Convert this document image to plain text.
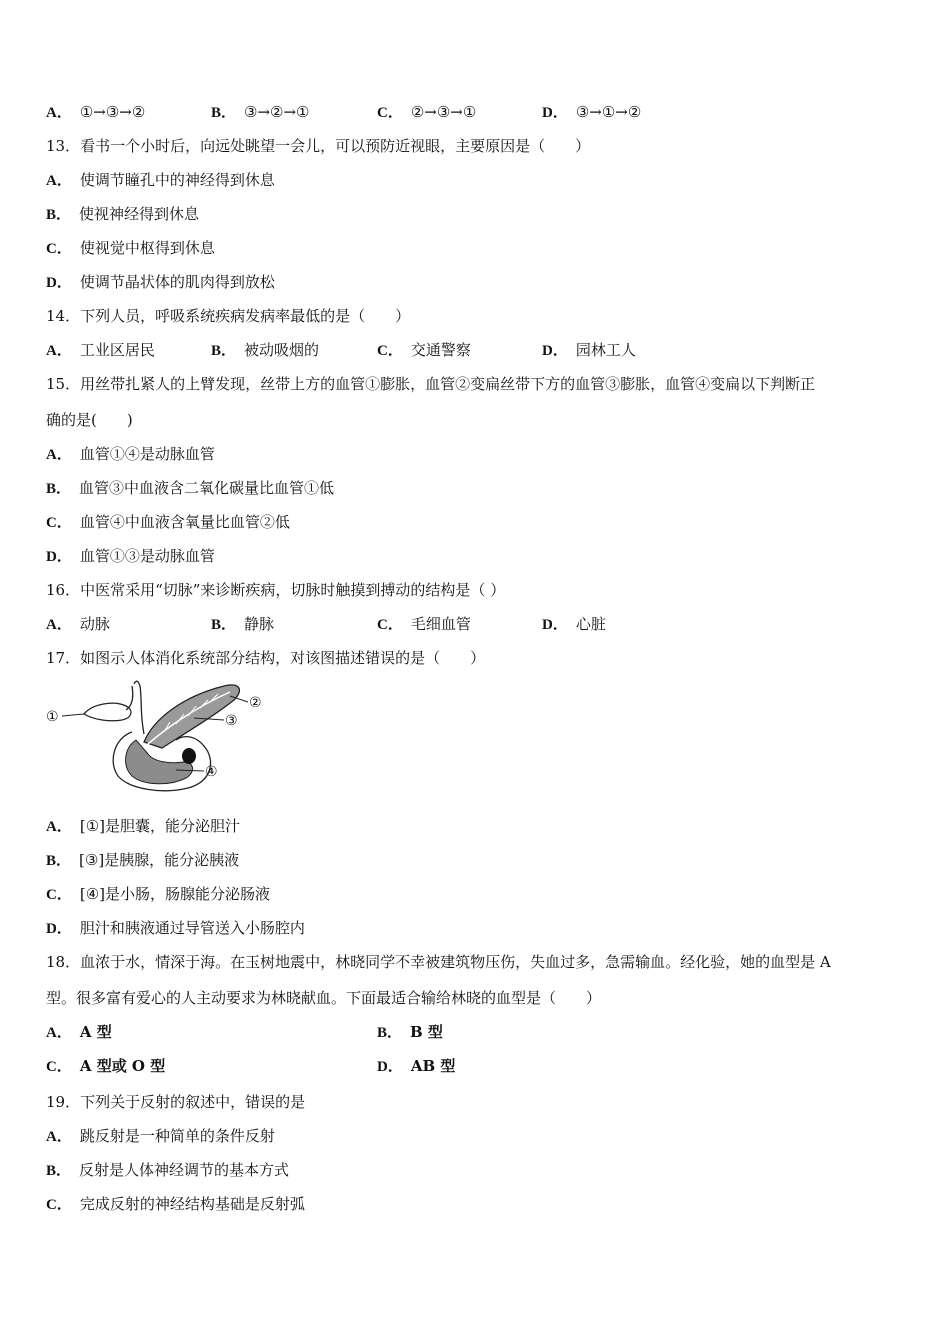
A． ①→③→②	B． ③→②→①	C． ②→③→①	D． ③→①→②
13．看书一个小时后，向远处眺望一会儿，可以预防近视眼，主要原因是（　　）
A． 使调节瞳孔中的神经得到休息
B． 使视神经得到休息
C． 使视觉中枢得到休息
D． 使调节晶状体的肌肉得到放松
14．下列人员，呼吸系统疾病发病率最低的是（　　）
A． 工业区居民	B． 被动吸烟的	C． 交通警察	D． 园林工人
15．用丝带扎紧人的上臂发现，丝带上方的血管①膨胀，血管②变扁丝带下方的血管③膨胀，血管④变扁以下判断正
确的是(　　)
A． 血管①④是动脉血管
B． 血管③中血液含二氧化碳量比血管①低
C． 血管④中血液含氧量比血管②低
D． 血管①③是动脉血管
16．中医常采用“切脉”来诊断疾病，切脉时触摸到搏动的结构是（ ）
A． 动脉	B． 静脉	C． 毛细血管	D． 心脏
17．如图示人体消化系统部分结构，对该图描述错误的是（　　）
①
②
③
④
A． [①]是胆囊，能分泌胆汁
B． [③]是胰腺，能分泌胰液
C． [④]是小肠，肠腺能分泌肠液
D． 胆汁和胰液通过导管送入小肠腔内
18．血浓于水，情深于海。在玉树地震中，林晓同学不幸被建筑物压伤，失血过多，急需输血。经化验，她的血型是 A
型。很多富有爱心的人主动要求为林晓献血。下面最适合输给林晓的血型是（　　）
A． A 型	B． B 型
C． A 型或 O 型	D． AB 型
19．下列关于反射的叙述中，错误的是
A． 跳反射是一种简单的条件反射
B． 反射是人体神经调节的基本方式
C． 完成反射的神经结构基础是反射弧
